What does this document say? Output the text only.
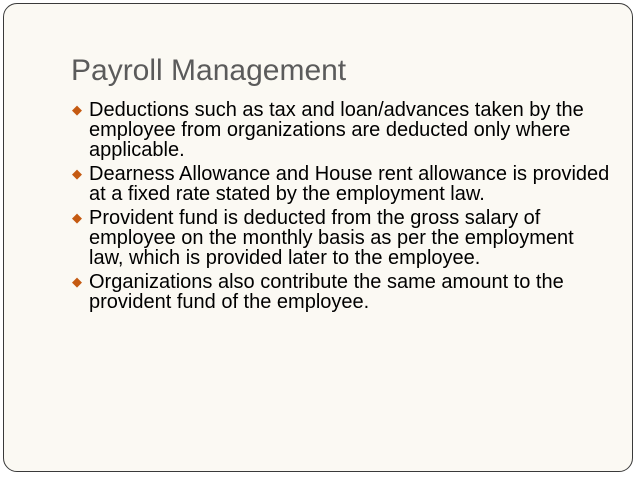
Payroll Management
◆ Deductions such as tax and loan/advances taken by the employee from organizations are deducted only where applicable.
◆ Dearness Allowance and House rent allowance is provided at a fixed rate stated by the employment law.
◆ Provident fund is deducted from the gross salary of employee on the monthly basis as per the employment law, which is provided later to the employee.
◆ Organizations also contribute the same amount to the provident fund of the employee.
